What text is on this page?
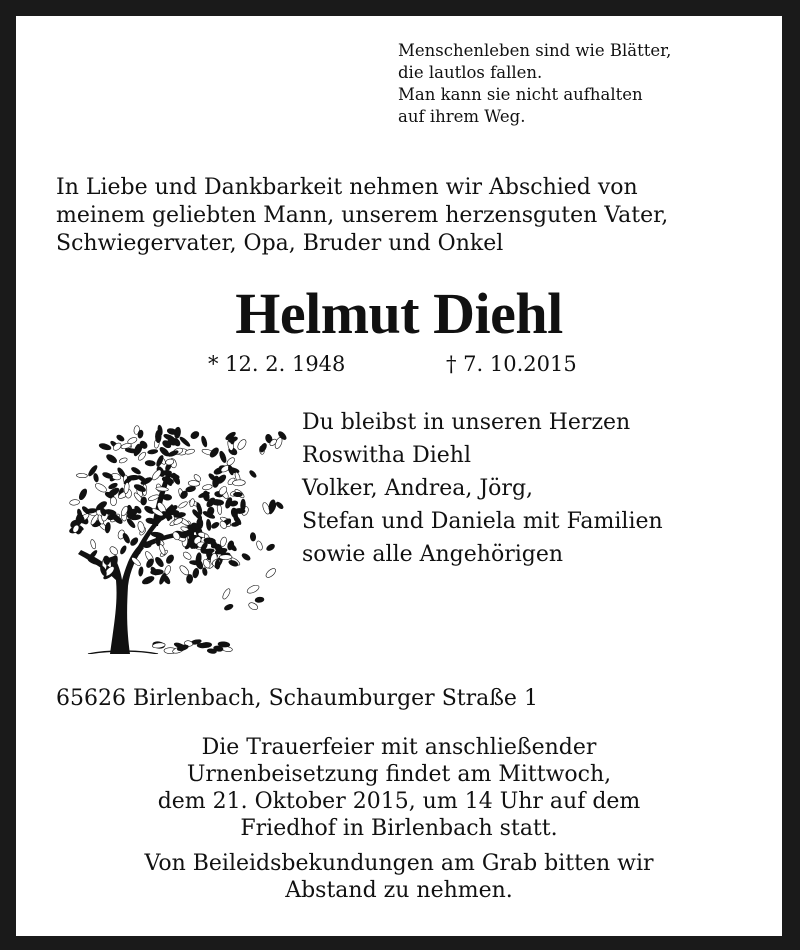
Menschenleben sind wie Blätter,
die lautlos fallen.
Man kann sie nicht aufhalten
auf ihrem Weg.
In Liebe und Dankbarkeit nehmen wir Abschied von
meinem geliebten Mann, unserem herzensguten Vater,
Schwiegervater, Opa, Bruder und Onkel
Helmut Diehl
* 12. 2. 1948	† 7. 10.2015
Du bleibst in unseren Herzen
Roswitha Diehl
Volker, Andrea, Jörg,
Stefan und Daniela mit Familien
sowie alle Angehörigen
65626 Birlenbach, Schaumburger Straße 1
Die Trauerfeier mit anschließender
Urnenbeisetzung findet am Mittwoch,
dem 21. Oktober 2015, um 14 Uhr auf dem
Friedhof in Birlenbach statt.
Von Beileidsbekundungen am Grab bitten wir
Abstand zu nehmen.
